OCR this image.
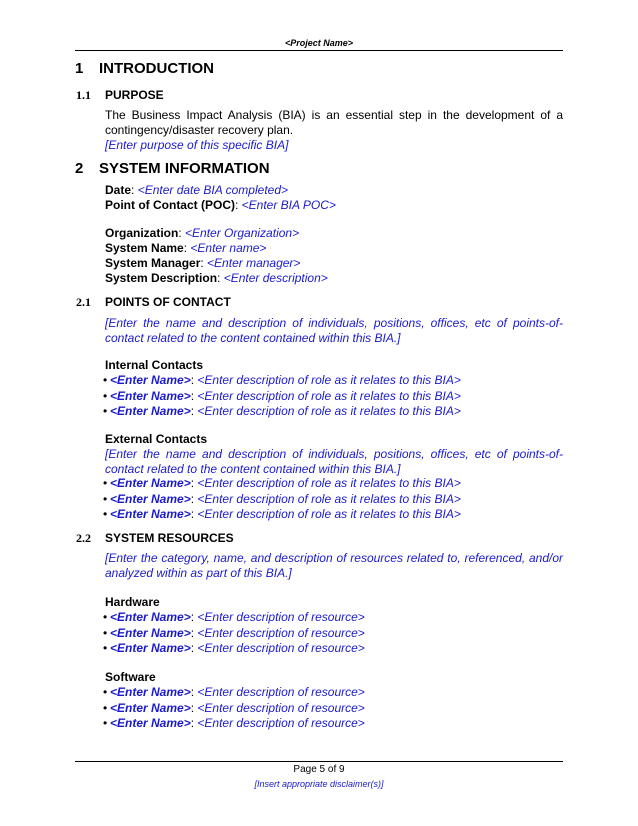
<Project Name>
1 INTRODUCTION
1.1 PURPOSE
The Business Impact Analysis (BIA) is an essential step in the development of a contingency/disaster recovery plan.
[Enter purpose of this specific BIA]
2 SYSTEM INFORMATION
Date: <Enter date BIA completed>
Point of Contact (POC): <Enter BIA POC>
Organization: <Enter Organization>
System Name: <Enter name>
System Manager: <Enter manager>
System Description: <Enter description>
2.1 POINTS OF CONTACT
[Enter the name and description of individuals, positions, offices, etc of points-of-contact related to the content contained within this BIA.]
Internal Contacts
• <Enter Name>: <Enter description of role as it relates to this BIA>
• <Enter Name>: <Enter description of role as it relates to this BIA>
• <Enter Name>: <Enter description of role as it relates to this BIA>
External Contacts
[Enter the name and description of individuals, positions, offices, etc of points-of-contact related to the content contained within this BIA.]
• <Enter Name>: <Enter description of role as it relates to this BIA>
• <Enter Name>: <Enter description of role as it relates to this BIA>
• <Enter Name>: <Enter description of role as it relates to this BIA>
2.2 SYSTEM RESOURCES
[Enter the category, name, and description of resources related to, referenced, and/or analyzed within as part of this BIA.]
Hardware
• <Enter Name>: <Enter description of resource>
• <Enter Name>: <Enter description of resource>
• <Enter Name>: <Enter description of resource>
Software
• <Enter Name>: <Enter description of resource>
• <Enter Name>: <Enter description of resource>
• <Enter Name>: <Enter description of resource>
Page 5 of 9
[Insert appropriate disclaimer(s)]
